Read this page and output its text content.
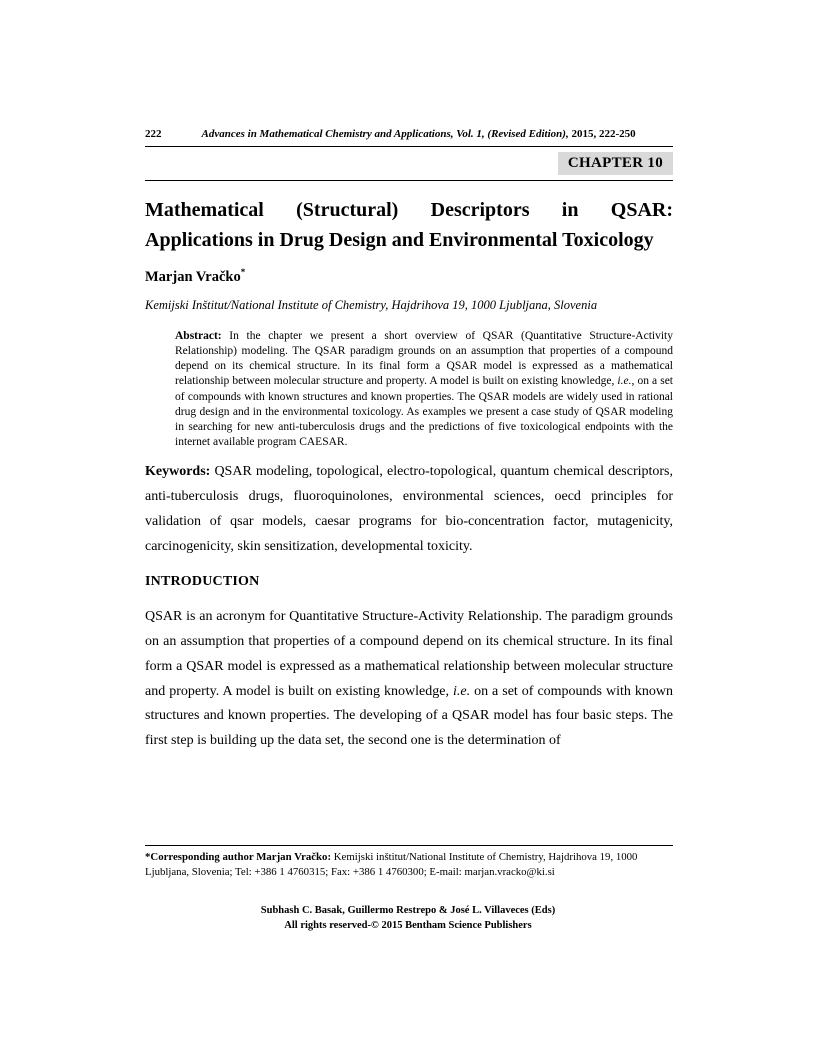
222	Advances in Mathematical Chemistry and Applications, Vol. 1, (Revised Edition), 2015, 222-250
CHAPTER 10
Mathematical (Structural) Descriptors in QSAR: Applications in Drug Design and Environmental Toxicology
Marjan Vračko*
Kemijski Inštitut/National Institute of Chemistry, Hajdrihova 19, 1000 Ljubljana, Slovenia

Abstract: In the chapter we present a short overview of QSAR (Quantitative Structure-Activity Relationship) modeling. The QSAR paradigm grounds on an assumption that properties of a compound depend on its chemical structure. In its final form a QSAR model is expressed as a mathematical relationship between molecular structure and property. A model is built on existing knowledge, i.e., on a set of compounds with known structures and known properties. The QSAR models are widely used in rational drug design and in the environmental toxicology. As examples we present a case study of QSAR modeling in searching for new anti-tuberculosis drugs and the predictions of five toxicological endpoints with the internet available program CAESAR.

Keywords: QSAR modeling, topological, electro-topological, quantum chemical descriptors, anti-tuberculosis drugs, fluoroquinolones, environmental sciences, oecd principles for validation of qsar models, caesar programs for bio-concentration factor, mutagenicity, carcinogenicity, skin sensitization, developmental toxicity.

INTRODUCTION

QSAR is an acronym for Quantitative Structure-Activity Relationship. The paradigm grounds on an assumption that properties of a compound depend on its chemical structure. In its final form a QSAR model is expressed as a mathematical relationship between molecular structure and property. A model is built on existing knowledge, i.e. on a set of compounds with known structures and known properties. The developing of a QSAR model has four basic steps. The first step is building up the data set, the second one is the determination of

*Corresponding author Marjan Vračko: Kemijski inštitut/National Institute of Chemistry, Hajdrihova 19, 1000 Ljubljana, Slovenia; Tel: +386 1 4760315; Fax: +386 1 4760300; E-mail: marjan.vracko@ki.si

Subhash C. Basak, Guillermo Restrepo & José L. Villaveces (Eds)
All rights reserved-© 2015 Bentham Science Publishers
